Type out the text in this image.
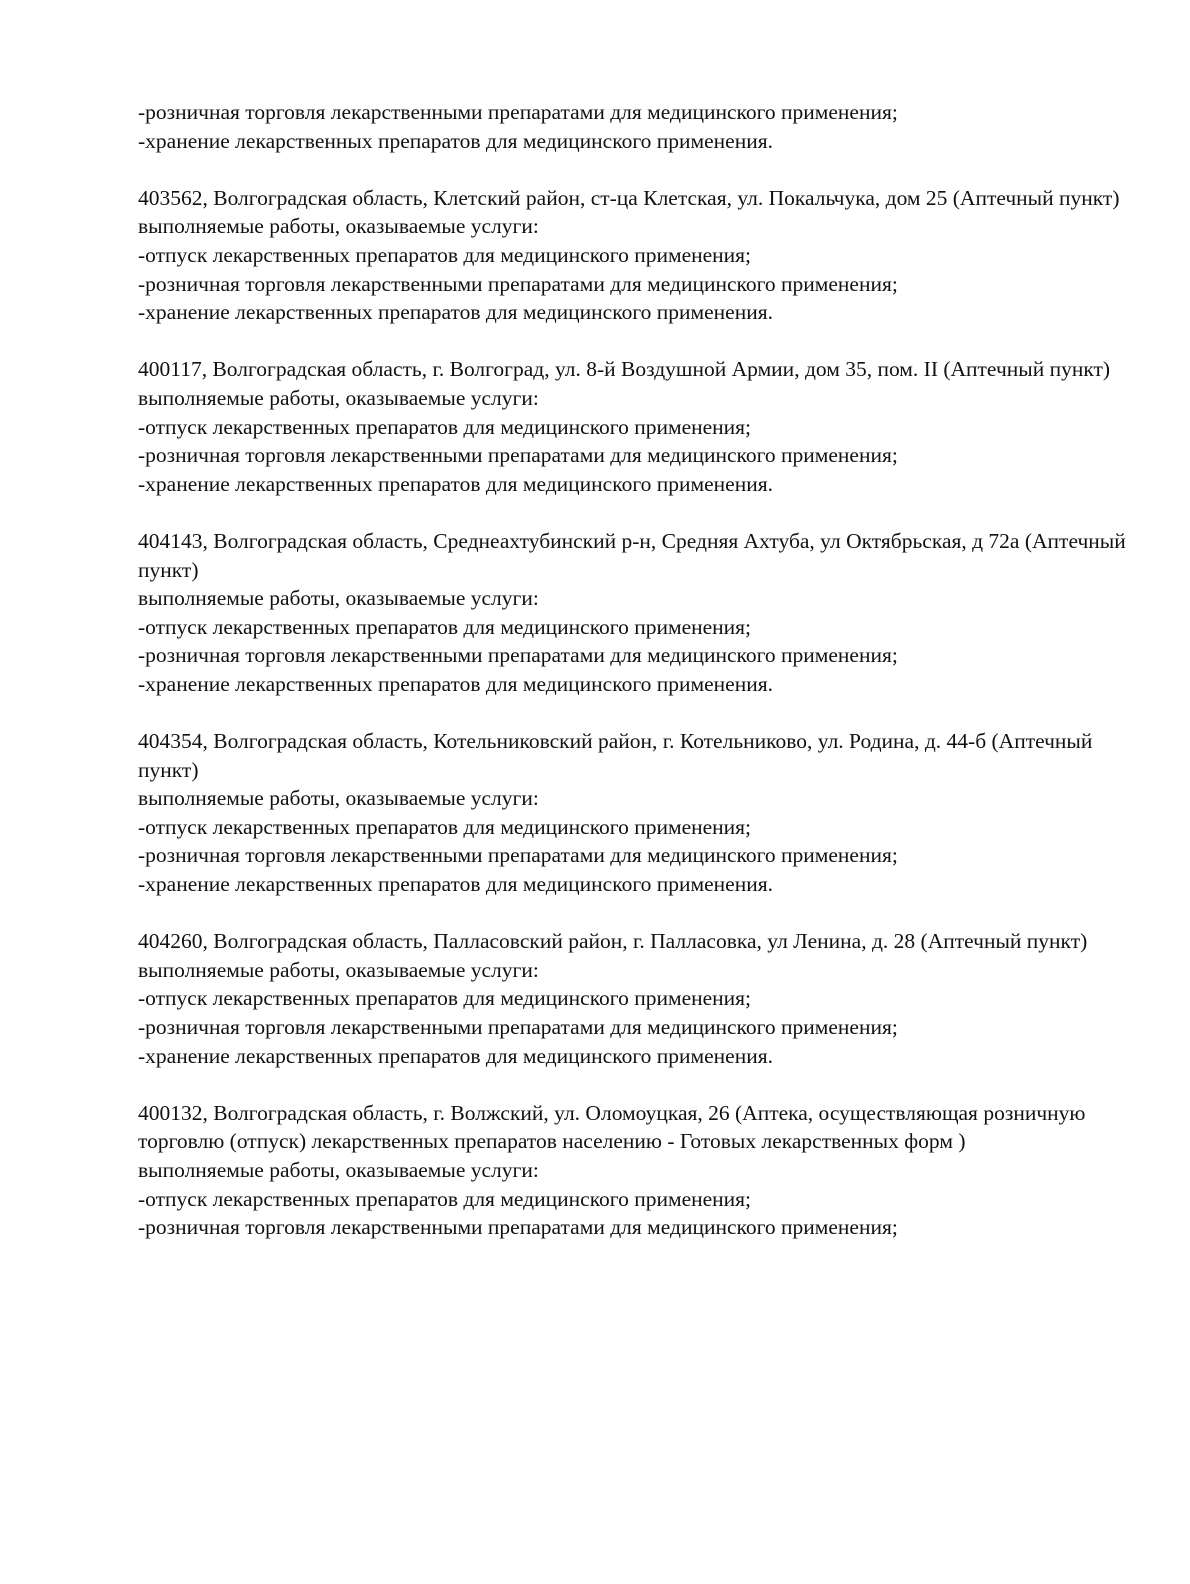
-розничная торговля лекарственными препаратами для медицинского применения;
-хранение лекарственных препаратов для медицинского применения.
403562, Волгоградская область, Клетский район, ст-ца Клетская, ул. Покальчука, дом 25 (Аптечный пункт)
выполняемые работы, оказываемые услуги:
-отпуск лекарственных препаратов для медицинского применения;
-розничная торговля лекарственными препаратами для медицинского применения;
-хранение лекарственных препаратов для медицинского применения.
400117, Волгоградская область, г. Волгоград, ул. 8-й Воздушной Армии, дом 35, пом. II (Аптечный пункт)
выполняемые работы, оказываемые услуги:
-отпуск лекарственных препаратов для медицинского применения;
-розничная торговля лекарственными препаратами для медицинского применения;
-хранение лекарственных препаратов для медицинского применения.
404143, Волгоградская область, Среднеахтубинский р-н, Средняя Ахтуба, ул Октябрьская, д 72а (Аптечный пункт)
выполняемые работы, оказываемые услуги:
-отпуск лекарственных препаратов для медицинского применения;
-розничная торговля лекарственными препаратами для медицинского применения;
-хранение лекарственных препаратов для медицинского применения.
404354, Волгоградская область, Котельниковский район, г. Котельниково, ул. Родина, д. 44-б (Аптечный пункт)
выполняемые работы, оказываемые услуги:
-отпуск лекарственных препаратов для медицинского применения;
-розничная торговля лекарственными препаратами для медицинского применения;
-хранение лекарственных препаратов для медицинского применения.
404260, Волгоградская область, Палласовский район, г. Палласовка, ул Ленина, д. 28 (Аптечный пункт)
выполняемые работы, оказываемые услуги:
-отпуск лекарственных препаратов для медицинского применения;
-розничная торговля лекарственными препаратами для медицинского применения;
-хранение лекарственных препаратов для медицинского применения.
400132, Волгоградская область, г. Волжский, ул. Оломоуцкая, 26 (Аптека, осуществляющая розничную торговлю (отпуск) лекарственных препаратов населению - Готовых лекарственных форм )
выполняемые работы, оказываемые услуги:
-отпуск лекарственных препаратов для медицинского применения;
-розничная торговля лекарственными препаратами для медицинского применения;
